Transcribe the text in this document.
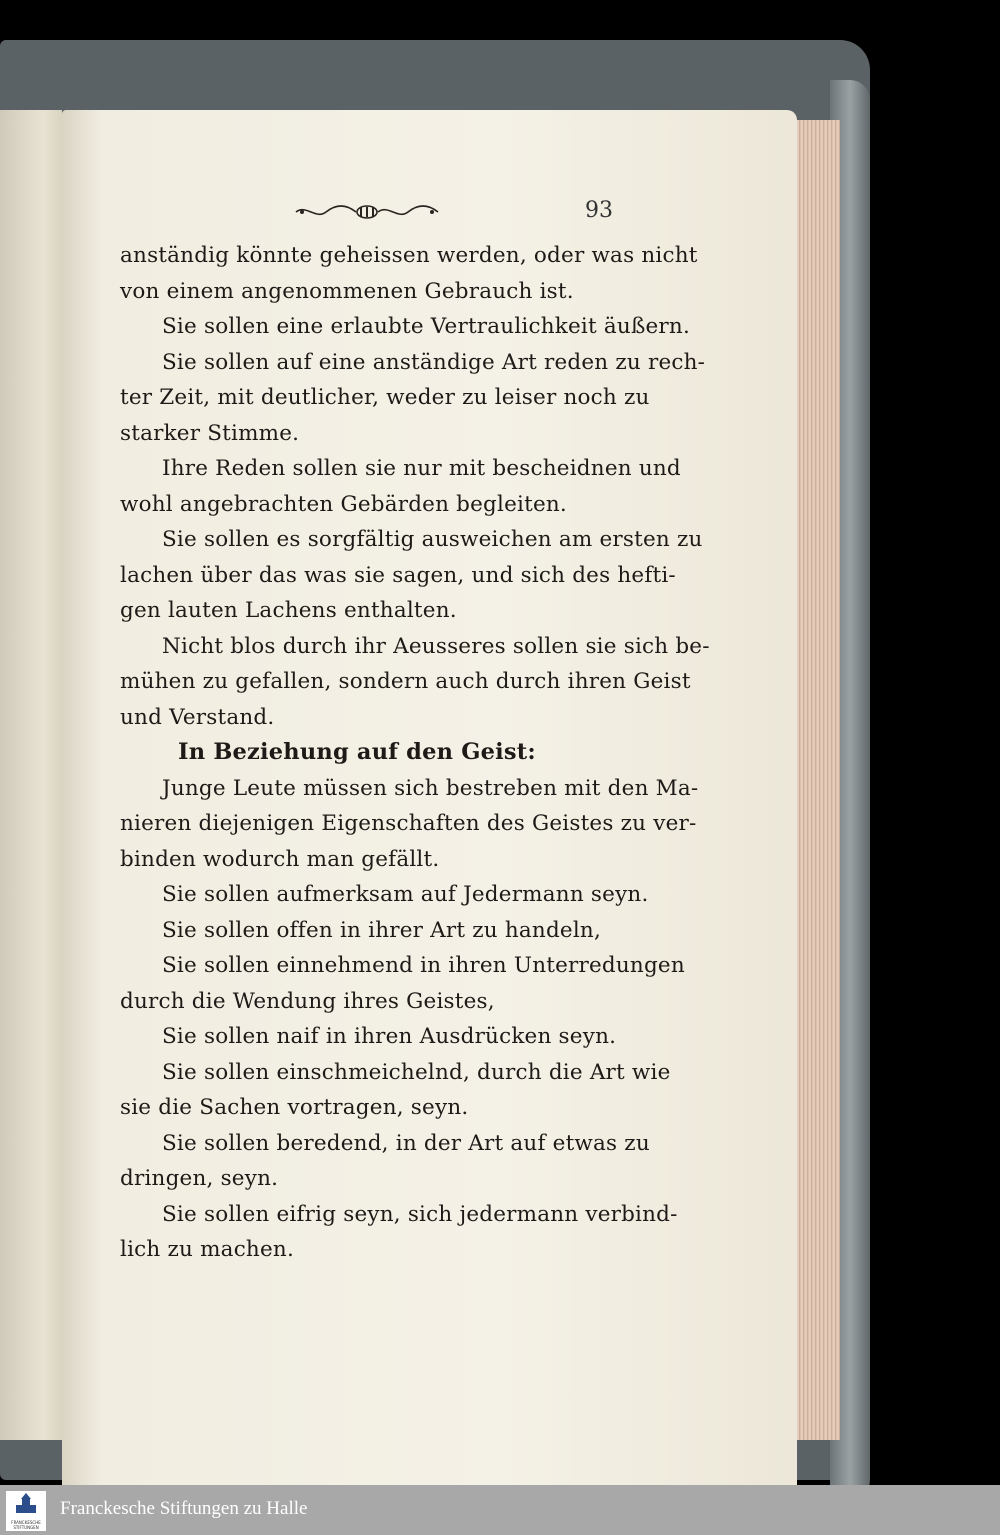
93
anständig könnte geheissen werden, oder was nicht
von einem angenommenen Gebrauch ist.
Sie sollen eine erlaubte Vertraulichkeit äußern.
Sie sollen auf eine anständige Art reden zu rech-
ter Zeit, mit deutlicher, weder zu leiser noch zu
starker Stimme.
Ihre Reden sollen sie nur mit bescheidnen und
wohl angebrachten Gebärden begleiten.
Sie sollen es sorgfältig ausweichen am ersten zu
lachen über das was sie sagen, und sich des hefti-
gen lauten Lachens enthalten.
Nicht blos durch ihr Aeusseres sollen sie sich be-
mühen zu gefallen, sondern auch durch ihren Geist
und Verstand.
In Beziehung auf den Geist:
Junge Leute müssen sich bestreben mit den Ma-
nieren diejenigen Eigenschaften des Geistes zu ver-
binden wodurch man gefällt.
Sie sollen aufmerksam auf Jedermann seyn.
Sie sollen offen in ihrer Art zu handeln,
Sie sollen einnehmend in ihren Unterredungen
durch die Wendung ihres Geistes,
Sie sollen naif in ihren Ausdrücken seyn.
Sie sollen einschmeichelnd, durch die Art wie
sie die Sachen vortragen, seyn.
Sie sollen beredend, in der Art auf etwas zu
dringen, seyn.
Sie sollen eifrig seyn, sich jedermann verbind-
lich zu machen.
FRANCKESCHE STIFTUNGEN
Franckesche Stiftungen zu Halle
